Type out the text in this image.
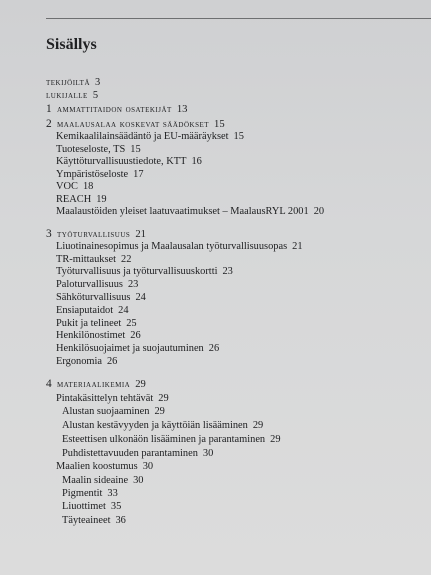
Sisällys
tekijöiltä 3
lukijalle 5
1 ammattitaidon osatekijät 13
2 maalausalaa koskevat säädökset 15
Kemikaalilainsäädäntö ja EU-määräykset 15
Tuoteseloste, TS 15
Käyttöturvallisuustiedote, KTT 16
Ympäristöseloste 17
VOC 18
REACH 19
Maalaustöiden yleiset laatuvaatimukset – MaalausRYL 2001 20
3 työturvallisuus 21
Liuotinainesopimus ja Maalausalan työturvallisuusopas 21
TR-mittaukset 22
Työturvallisuus ja työturvallisuuskortti 23
Paloturvallisuus 23
Sähköturvallisuus 24
Ensiaputaidot 24
Pukit ja telineet 25
Henkilönostimet 26
Henkilösuojaimet ja suojautuminen 26
Ergonomia 26
4 materiaalikemia 29
Pintakäsittelyn tehtävät 29
Alustan suojaaminen 29
Alustan kestävyyden ja käyttöiän lisääminen 29
Esteettisen ulkonäön lisääminen ja parantaminen 29
Puhdistettavuuden parantaminen 30
Maalien koostumus 30
Maalin sideaine 30
Pigmentit 33
Liuottimet 35
Täyteaineet 36
